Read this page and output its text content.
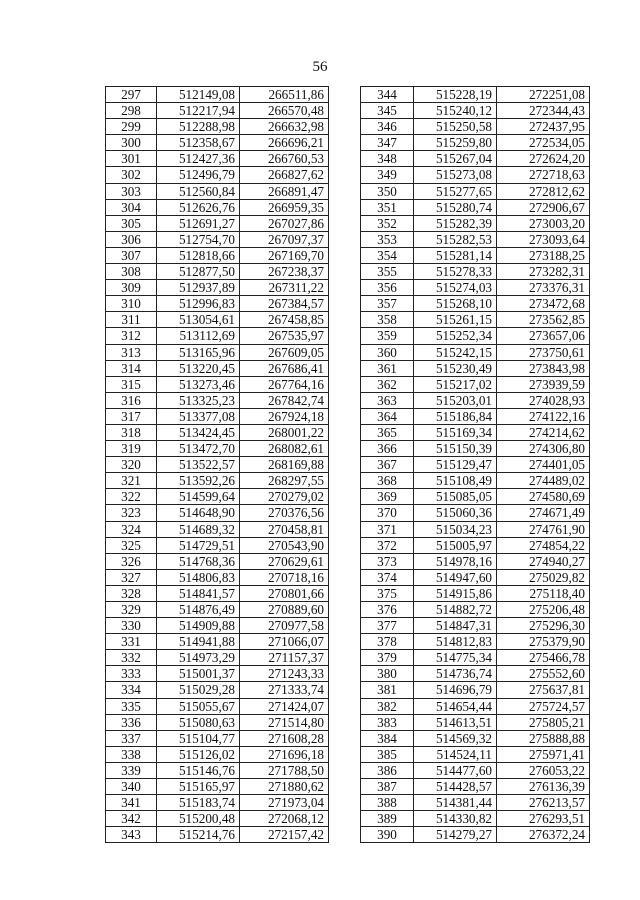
56
297	512149,08	266511,86
298	512217,94	266570,48
299	512288,98	266632,98
300	512358,67	266696,21
301	512427,36	266760,53
302	512496,79	266827,62
303	512560,84	266891,47
304	512626,76	266959,35
305	512691,27	267027,86
306	512754,70	267097,37
307	512818,66	267169,70
308	512877,50	267238,37
309	512937,89	267311,22
310	512996,83	267384,57
311	513054,61	267458,85
312	513112,69	267535,97
313	513165,96	267609,05
314	513220,45	267686,41
315	513273,46	267764,16
316	513325,23	267842,74
317	513377,08	267924,18
318	513424,45	268001,22
319	513472,70	268082,61
320	513522,57	268169,88
321	513592,26	268297,55
322	514599,64	270279,02
323	514648,90	270376,56
324	514689,32	270458,81
325	514729,51	270543,90
326	514768,36	270629,61
327	514806,83	270718,16
328	514841,57	270801,66
329	514876,49	270889,60
330	514909,88	270977,58
331	514941,88	271066,07
332	514973,29	271157,37
333	515001,37	271243,33
334	515029,28	271333,74
335	515055,67	271424,07
336	515080,63	271514,80
337	515104,77	271608,28
338	515126,02	271696,18
339	515146,76	271788,50
340	515165,97	271880,62
341	515183,74	271973,04
342	515200,48	272068,12
343	515214,76	272157,42
344	515228,19	272251,08
345	515240,12	272344,43
346	515250,58	272437,95
347	515259,80	272534,05
348	515267,04	272624,20
349	515273,08	272718,63
350	515277,65	272812,62
351	515280,74	272906,67
352	515282,39	273003,20
353	515282,53	273093,64
354	515281,14	273188,25
355	515278,33	273282,31
356	515274,03	273376,31
357	515268,10	273472,68
358	515261,15	273562,85
359	515252,34	273657,06
360	515242,15	273750,61
361	515230,49	273843,98
362	515217,02	273939,59
363	515203,01	274028,93
364	515186,84	274122,16
365	515169,34	274214,62
366	515150,39	274306,80
367	515129,47	274401,05
368	515108,49	274489,02
369	515085,05	274580,69
370	515060,36	274671,49
371	515034,23	274761,90
372	515005,97	274854,22
373	514978,16	274940,27
374	514947,60	275029,82
375	514915,86	275118,40
376	514882,72	275206,48
377	514847,31	275296,30
378	514812,83	275379,90
379	514775,34	275466,78
380	514736,74	275552,60
381	514696,79	275637,81
382	514654,44	275724,57
383	514613,51	275805,21
384	514569,32	275888,88
385	514524,11	275971,41
386	514477,60	276053,22
387	514428,57	276136,39
388	514381,44	276213,57
389	514330,82	276293,51
390	514279,27	276372,24
